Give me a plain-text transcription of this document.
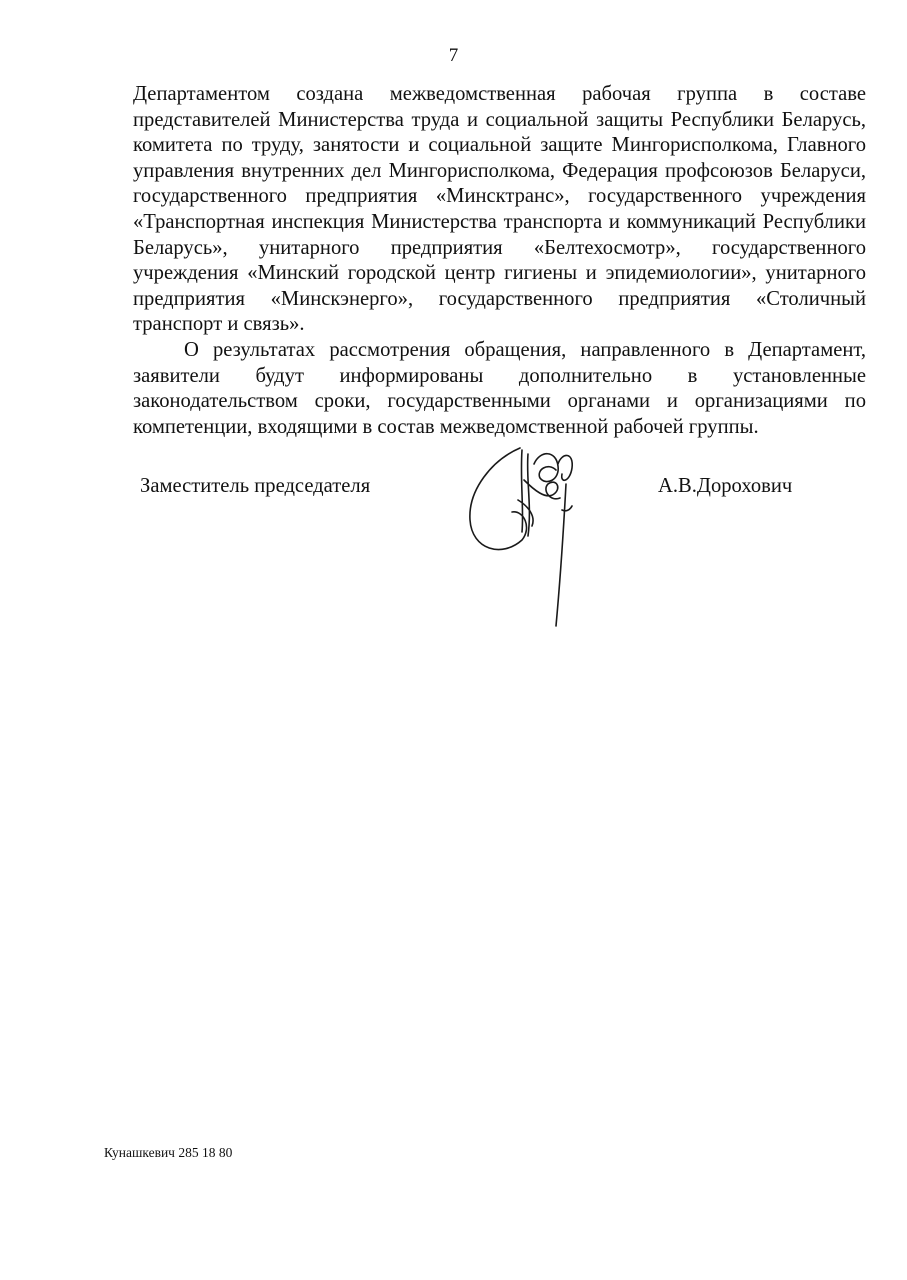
7

Департаментом создана межведомственная рабочая группа в составе представителей Министерства труда и социальной защиты Республики Беларусь, комитета по труду, занятости и социальной защите Мингорисполкома, Главного управления внутренних дел Мингорисполкома, Федерация профсоюзов Беларуси, государственного предприятия «Минсктранс», государственного учреждения «Транспортная инспекция Министерства транспорта и коммуникаций Республики Беларусь», унитарного предприятия «Белтехосмотр», государственного учреждения «Минский городской центр гигиены и эпидемиологии», унитарного предприятия «Минскэнерго», государственного предприятия «Столичный транспорт и связь».

О результатах рассмотрения обращения, направленного в Департамент, заявители будут информированы дополнительно в установленные законодательством сроки, государственными органами и организациями по компетенции, входящими в состав межведомственной рабочей группы.

Заместитель председателя	А.В.Дорохович
Кунашкевич 285 18 80
